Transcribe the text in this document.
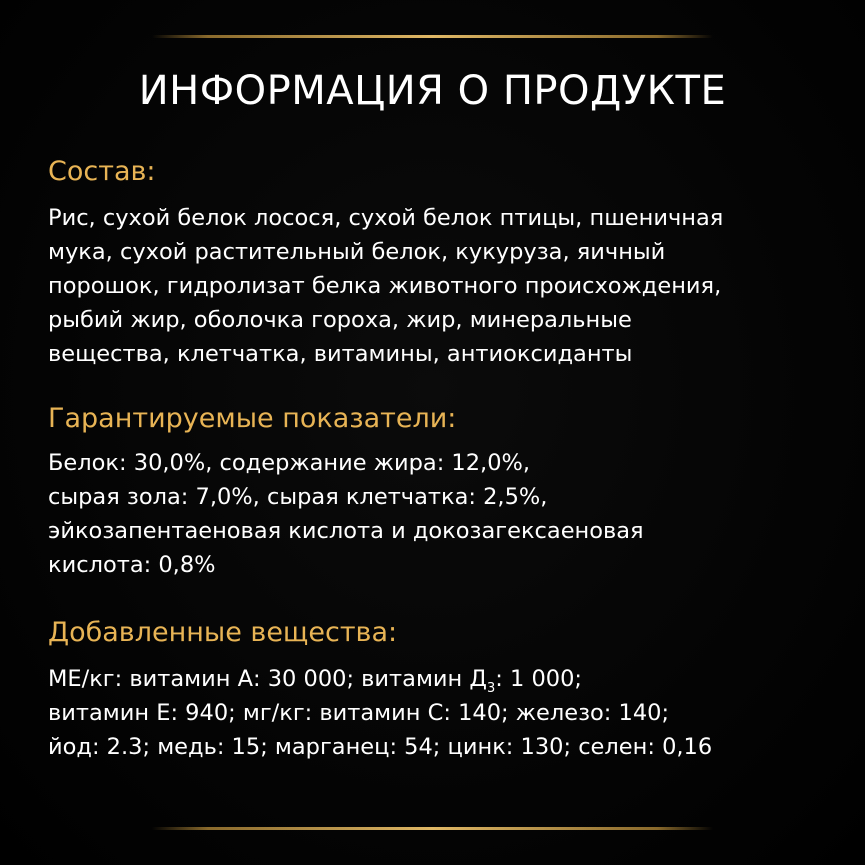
ИНФОРМАЦИЯ О ПРОДУКТЕ
Состав:

Рис, сухой белок лосося, сухой белок птицы, пшеничная
мука, сухой растительный белок, кукуруза, яичный
порошок, гидролизат белка животного происхождения,
рыбий жир, оболочка гороха, жир, минеральные
вещества, клетчатка, витамины, антиоксиданты

Гарантируемые показатели:

Белок: 30,0%, содержание жира: 12,0%,
сырая зола: 7,0%, сырая клетчатка: 2,5%,
эйкозапентаеновая кислота и докозагексаеновая
кислота: 0,8%

Добавленные вещества:

МЕ/кг: витамин А: 30 000; витамин $Д_3$: 1 000;
витамин Е: 940; мг/кг: витамин С: 140; железо: 140;
йод: 2.3; медь: 15; марганец: 54; цинк: 130; селен: 0,16
